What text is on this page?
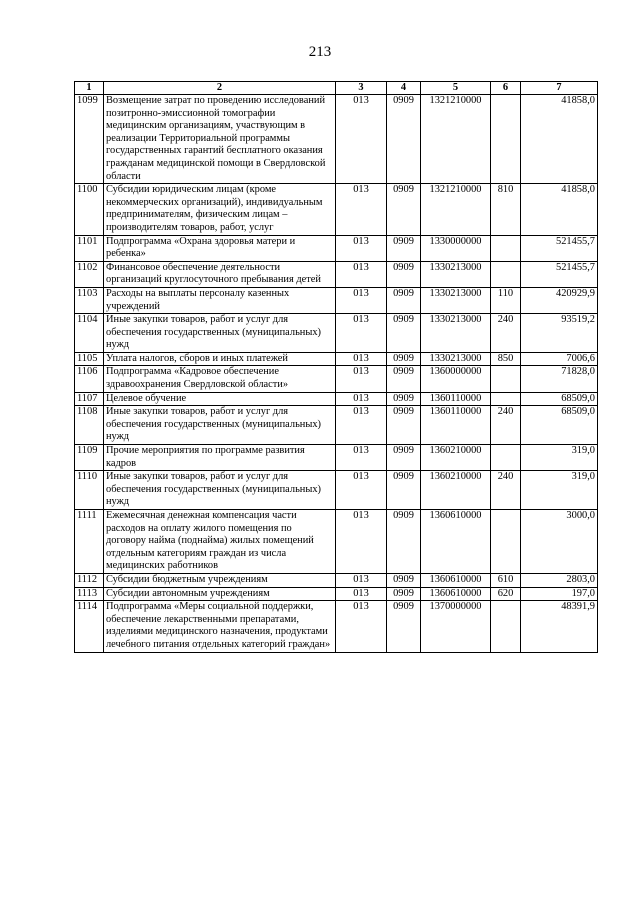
213
1	2	3	4	5	6	7
1099	Возмещение затрат по проведению исследований позитронно-эмиссионной томографии медицинским организациям, участвующим в реализации Территориальной программы государственных гарантий бесплатного оказания гражданам медицинской помощи в Свердловской области	013	0909	1321210000		41858,0
1100	Субсидии юридическим лицам (кроме некоммерческих организаций), индивидуальным предпринимателям, физическим лицам – производителям товаров, работ, услуг	013	0909	1321210000	810	41858,0
1101	Подпрограмма «Охрана здоровья матери и ребенка»	013	0909	1330000000		521455,7
1102	Финансовое обеспечение деятельности организаций круглосуточного пребывания детей	013	0909	1330213000		521455,7
1103	Расходы на выплаты персоналу казенных учреждений	013	0909	1330213000	110	420929,9
1104	Иные закупки товаров, работ и услуг для обеспечения государственных (муниципальных) нужд	013	0909	1330213000	240	93519,2
1105	Уплата налогов, сборов и иных платежей	013	0909	1330213000	850	7006,6
1106	Подпрограмма «Кадровое обеспечение здравоохранения Свердловской области»	013	0909	1360000000		71828,0
1107	Целевое обучение	013	0909	1360110000		68509,0
1108	Иные закупки товаров, работ и услуг для обеспечения государственных (муниципальных) нужд	013	0909	1360110000	240	68509,0
1109	Прочие мероприятия по программе развития кадров	013	0909	1360210000		319,0
1110	Иные закупки товаров, работ и услуг для обеспечения государственных (муниципальных) нужд	013	0909	1360210000	240	319,0
1111	Ежемесячная денежная компенсация части расходов на оплату жилого помещения по договору найма (поднайма) жилых помещений отдельным категориям граждан из числа медицинских работников	013	0909	1360610000		3000,0
1112	Субсидии бюджетным учреждениям	013	0909	1360610000	610	2803,0
1113	Субсидии автономным учреждениям	013	0909	1360610000	620	197,0
1114	Подпрограмма «Меры социальной поддержки, обеспечение лекарственными препаратами, изделиями медицинского назначения, продуктами лечебного питания отдельных категорий граждан»	013	0909	1370000000		48391,9
